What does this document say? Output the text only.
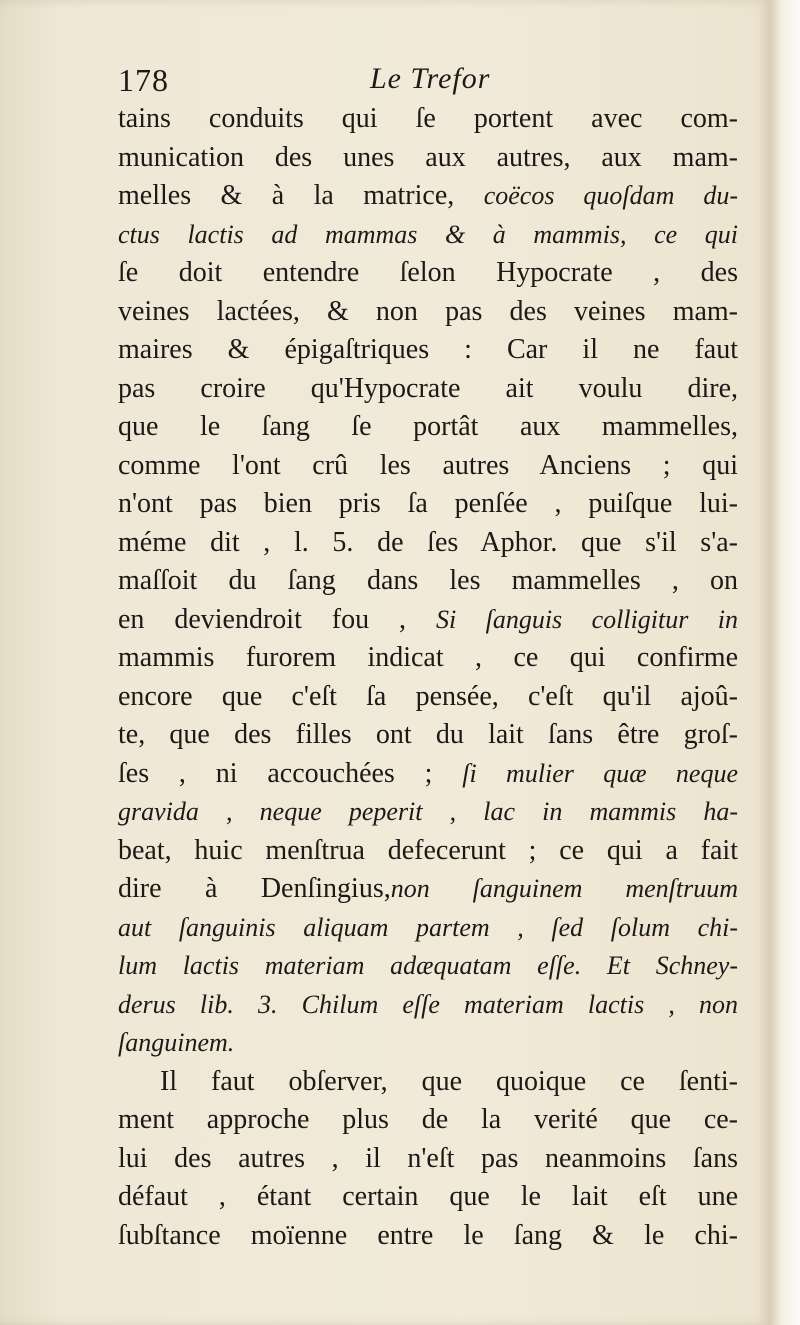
178	Le Trefor
tains conduits qui ſe portent avec com-
munication des unes aux autres, aux mam-
melles & à la matrice, coëcos quoſdam du-
ctus lactis ad mammas & à mammis, ce qui
ſe doit entendre ſelon Hypocrate , des
veines lactées, & non pas des veines mam-
maires & épigaſtriques : Car il ne faut
pas croire qu'Hypocrate ait voulu dire,
que le ſang ſe portât aux mammelles,
comme l'ont crû les autres Anciens ; qui
n'ont pas bien pris ſa penſée , puiſque lui-
méme dit , l. 5. de ſes Aphor. que s'il s'a-
maſſoit du ſang dans les mammelles , on
en deviendroit fou , Si ſanguis colligitur in
mammis furorem indicat , ce qui confirme
encore que c'eſt ſa pensée, c'eſt qu'il ajoû-
te, que des filles ont du lait ſans être groſ-
ſes , ni accouchées ; ſi mulier quæ neque
gravida , neque peperit , lac in mammis ha-
beat, huic menſtrua defecerunt ; ce qui a fait
dire à Denſingius,non ſanguinem menſtruum
aut ſanguinis aliquam partem , ſed ſolum chi-
lum lactis materiam adæquatam eſſe. Et Schney-
derus lib. 3. Chilum eſſe materiam lactis , non
ſanguinem.
Il faut obſerver, que quoique ce ſenti-
ment approche plus de la verité que ce-
lui des autres , il n'eſt pas neanmoins ſans
défaut , étant certain que le lait eſt une
ſubſtance moïenne entre le ſang & le chi-
